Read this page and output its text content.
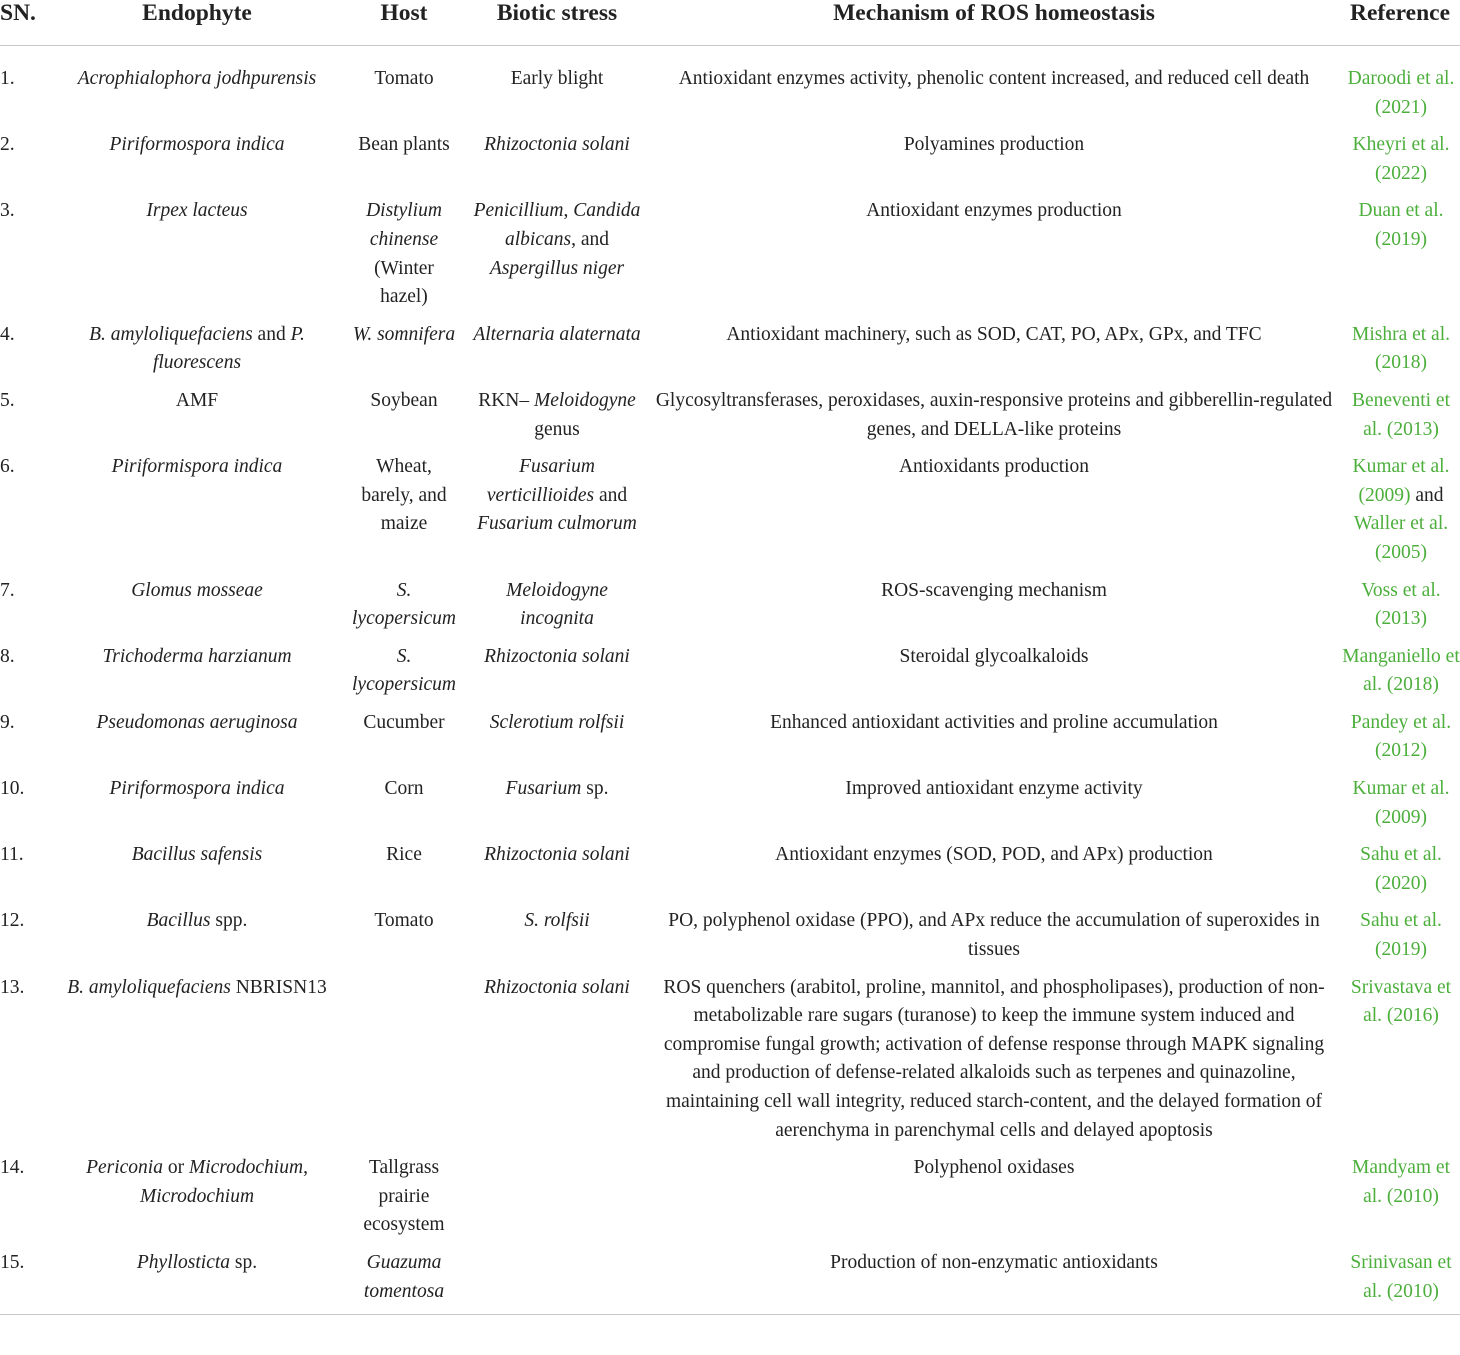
SN.	Endophyte	Host	Biotic stress	Mechanism of ROS homeostasis	Reference
1.	Acrophialophora jodhpurensis	Tomato	Early blight	Antioxidant enzymes activity, phenolic content increased, and reduced cell death	Daroodi et al. (2021)
2.	Piriformospora indica	Bean plants	Rhizoctonia solani	Polyamines production	Kheyri et al. (2022)
3.	Irpex lacteus	Distylium chinense (Winter hazel)	Penicillium, Candida albicans, and Aspergillus niger	Antioxidant enzymes production	Duan et al. (2019)
4.	B. amyloliquefaciens and P. fluorescens	W. somnifera	Alternaria alaternata	Antioxidant machinery, such as SOD, CAT, PO, APx, GPx, and TFC	Mishra et al. (2018)
5.	AMF	Soybean	RKN– Meloidogyne genus	Glycosyltransferases, peroxidases, auxin-responsive proteins and gibberellin-regulated genes, and DELLA-like proteins	Beneventi et al. (2013)
6.	Piriformispora indica	Wheat, barely, and maize	Fusarium verticillioides and Fusarium culmorum	Antioxidants production	Kumar et al. (2009) and Waller et al. (2005)
7.	Glomus mosseae	S. lycopersicum	Meloidogyne incognita	ROS-scavenging mechanism	Voss et al. (2013)
8.	Trichoderma harzianum	S. lycopersicum	Rhizoctonia solani	Steroidal glycoalkaloids	Manganiello et al. (2018)
9.	Pseudomonas aeruginosa	Cucumber	Sclerotium rolfsii	Enhanced antioxidant activities and proline accumulation	Pandey et al. (2012)
10.	Piriformospora indica	Corn	Fusarium sp.	Improved antioxidant enzyme activity	Kumar et al. (2009)
11.	Bacillus safensis	Rice	Rhizoctonia solani	Antioxidant enzymes (SOD, POD, and APx) production	Sahu et al. (2020)
12.	Bacillus spp.	Tomato	S. rolfsii	PO, polyphenol oxidase (PPO), and APx reduce the accumulation of superoxides in tissues	Sahu et al. (2019)
13.	B. amyloliquefaciens NBRISN13		Rhizoctonia solani	ROS quenchers (arabitol, proline, mannitol, and phospholipases), production of non-metabolizable rare sugars (turanose) to keep the immune system induced and compromise fungal growth; activation of defense response through MAPK signaling and production of defense-related alkaloids such as terpenes and quinazoline, maintaining cell wall integrity, reduced starch-content, and the delayed formation of aerenchyma in parenchymal cells and delayed apoptosis	Srivastava et al. (2016)
14.	Periconia or Microdochium, Microdochium	Tallgrass prairie ecosystem		Polyphenol oxidases	Mandyam et al. (2010)
15.	Phyllosticta sp.	Guazuma tomentosa		Production of non-enzymatic antioxidants	Srinivasan et al. (2010)
